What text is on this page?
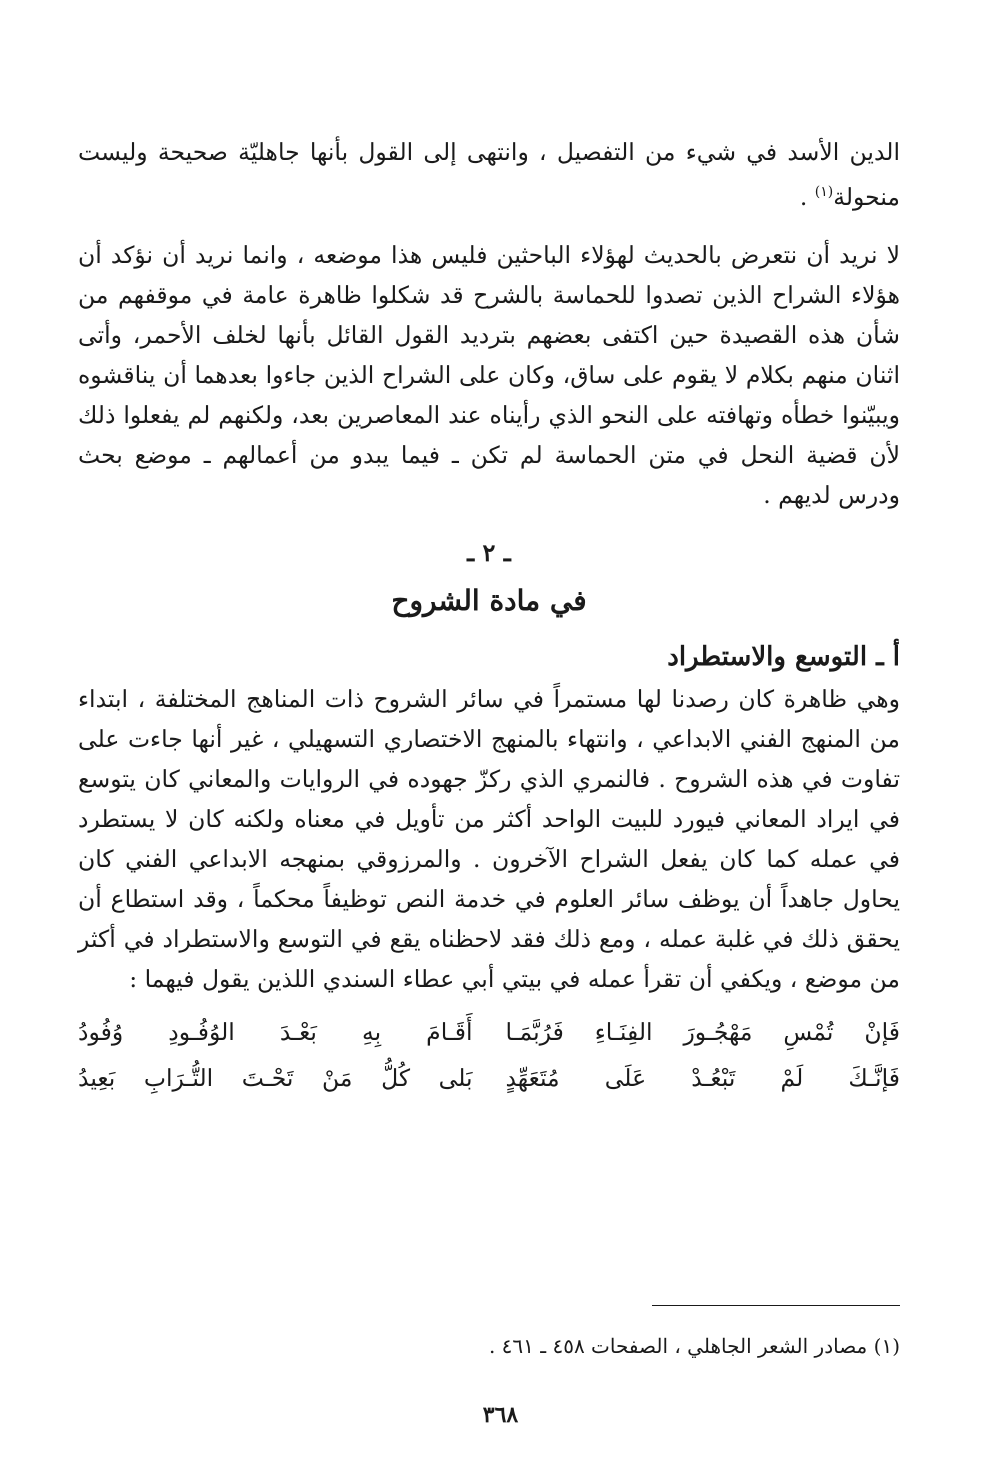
الدين الأسد في شيء من التفصيل ، وانتهى إلى القول بأنها جاهليّة صحيحة وليست منحولة$^{(١)}$ .

لا نريد أن نتعرض بالحديث لهؤلاء الباحثين فليس هذا موضعه ، وانما نريد أن نؤكد أن هؤلاء الشراح الذين تصدوا للحماسة بالشرح قد شكلوا ظاهرة عامة في موقفهم من شأن هذه القصيدة حين اكتفى بعضهم بترديد القول القائل بأنها لخلف الأحمر، وأتى اثنان منهم بكلام لا يقوم على ساق، وكان على الشراح الذين جاءوا بعدهما أن يناقشوه ويبيّنوا خطأه وتهافته على النحو الذي رأيناه عند المعاصرين بعد، ولكنهم لم يفعلوا ذلك لأن قضية النحل في متن الحماسة لم تكن ـ فيما يبدو من أعمالهم ـ موضع بحث ودرس لديهم .

ـ ٢ ـ
في مادة الشروح
أ ـ التوسع والاستطراد

وهي ظاهرة كان رصدنا لها مستمراً في سائر الشروح ذات المناهج المختلفة ، ابتداء من المنهج الفني الابداعي ، وانتهاء بالمنهج الاختصاري التسهيلي ، غير أنها جاءت على تفاوت في هذه الشروح . فالنمري الذي ركزّ جهوده في الروايات والمعاني كان يتوسع في ايراد المعاني فيورد للبيت الواحد أكثر من تأويل في معناه ولكنه كان لا يستطرد في عمله كما كان يفعل الشراح الآخرون . والمرزوقي بمنهجه الابداعي الفني كان يحاول جاهداً أن يوظف سائر العلوم في خدمة النص توظيفاً محكماً ، وقد استطاع أن يحقق ذلك في غلبة عمله ، ومع ذلك فقد لاحظناه يقع في التوسع والاستطراد في أكثر من موضع ، ويكفي أن تقرأ عمله في بيتي أبي عطاء السندي اللذين يقول فيهما :

فَإنْ تُمْسِ مَهْجُـورَ الفِنَـاءِ فَرُبَّمَـا
أَقَـامَ بِهِ بَعْـدَ الوُفُـودِ وُفُودُ
فَإنَّـكَ لَمْ تَبْعُـدْ عَلَى مُتَعَهِّدٍ
بَلى كُلُّ مَنْ تَحْـتَ التُّـرَابِ بَعِيدُ
(١) مصادر الشعر الجاهلي ، الصفحات ٤٥٨ ـ ٤٦١ .
٣٦٨
